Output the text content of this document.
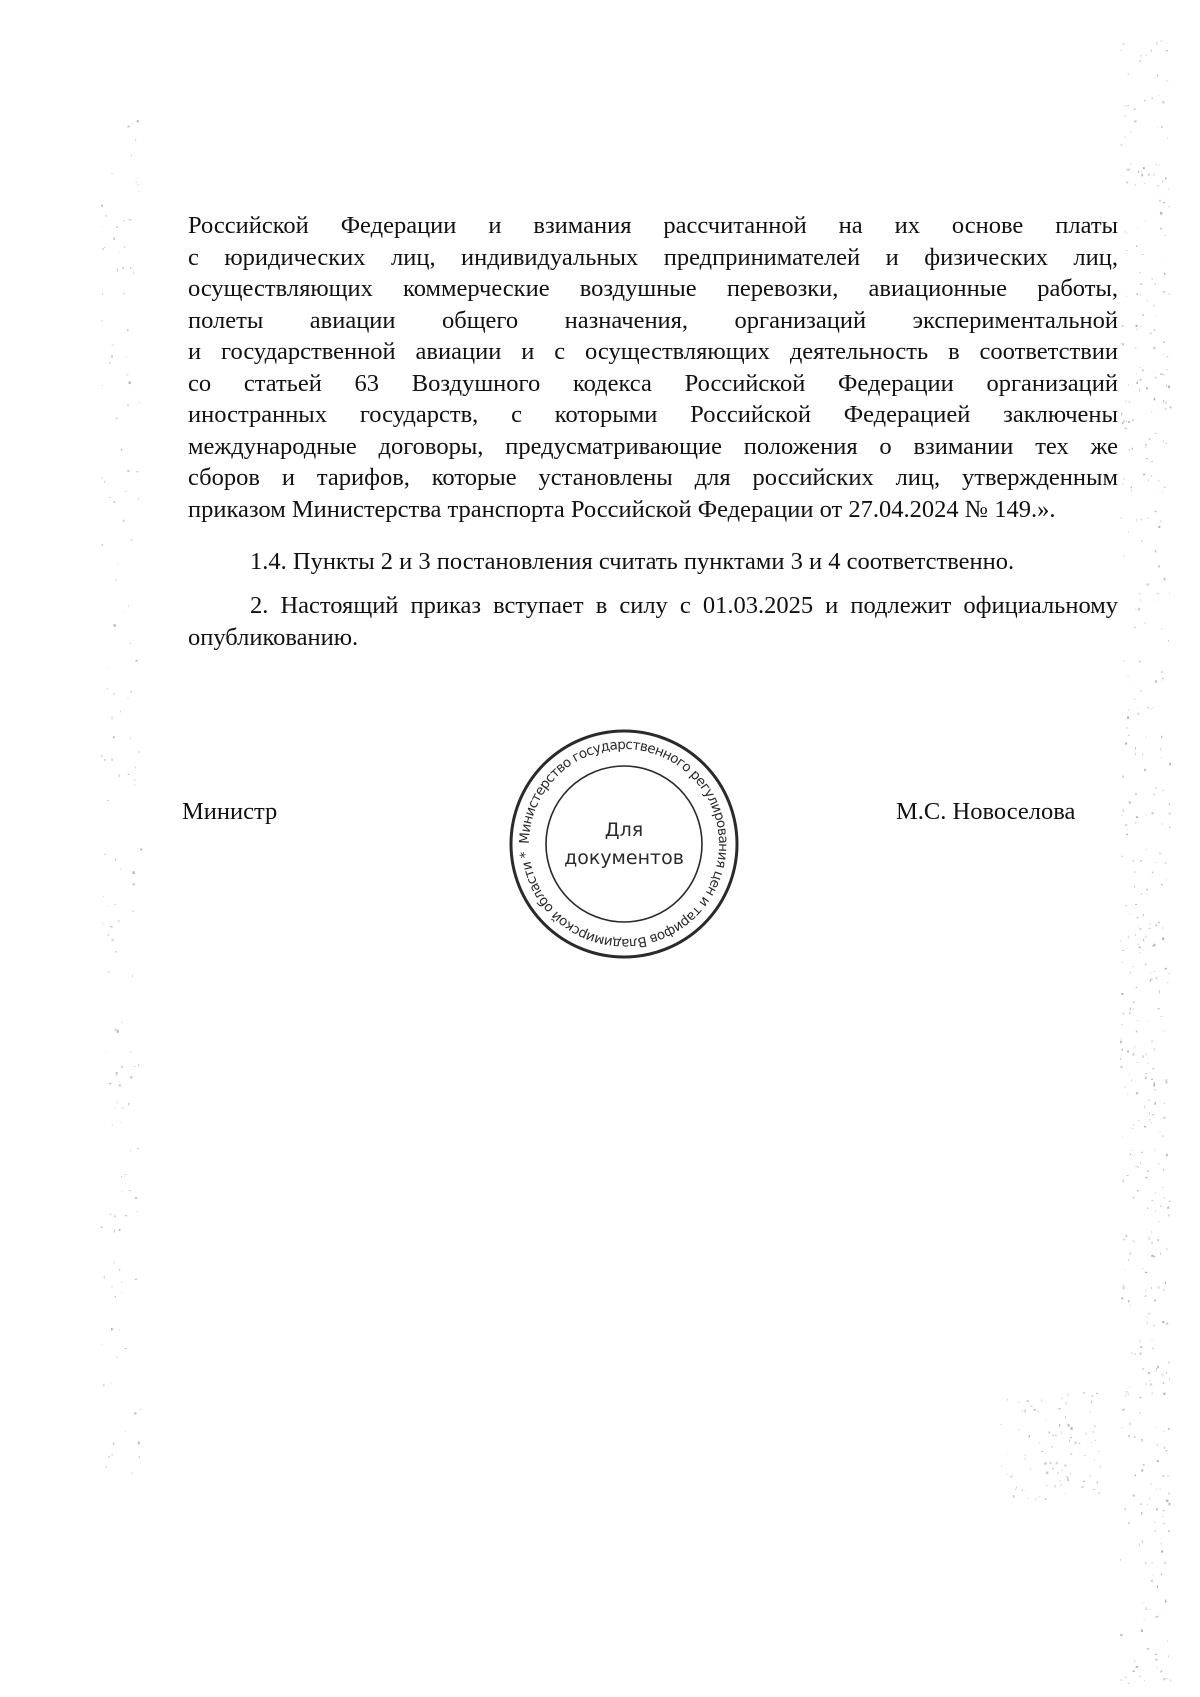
Российской Федерации и взимания рассчитанной на их основе платы
с юридических лиц, индивидуальных предпринимателей и физических лиц,
осуществляющих коммерческие воздушные перевозки, авиационные работы,
полеты авиации общего назначения, организаций экспериментальной
и государственной авиации и с осуществляющих деятельность в соответствии
со статьей 63 Воздушного кодекса Российской Федерации организаций
иностранных государств, с которыми Российской Федерацией заключены
международные договоры, предусматривающие положения о взимании тех же
сборов и тарифов, которые установлены для российских лиц, утвержденным
приказом Министерства транспорта Российской Федерации от 27.04.2024 № 149.».
1.4. Пункты 2 и 3 постановления считать пунктами 3 и 4 соответственно.
2. Настоящий приказ вступает в силу с 01.03.2025 и подлежит официальному
опубликованию.
Министр	М.С. Новоселова
Министерство государственного регулирования цен и тарифов Владимирской области *
Для
документов
